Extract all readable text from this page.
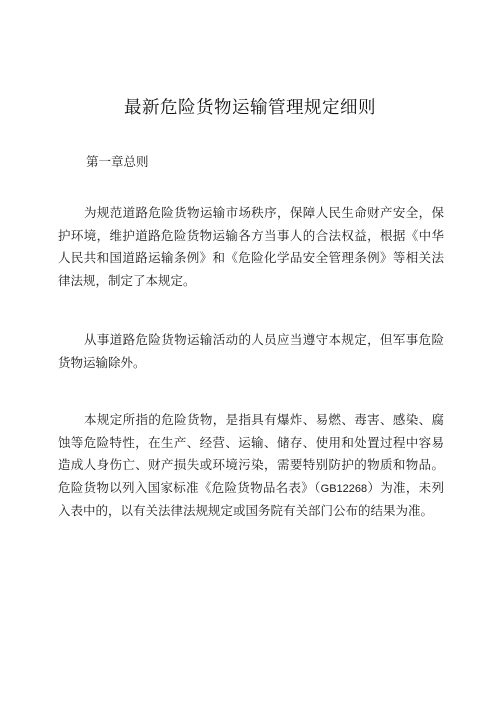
最新危险货物运输管理规定细则

第一章总则

为规范道路危险货物运输市场秩序，保障人民生命财产安全，保护环境，维护道路危险货物运输各方当事人的合法权益，根据《中华人民共和国道路运输条例》和《危险化学品安全管理条例》等相关法律法规，制定了本规定。

从事道路危险货物运输活动的人员应当遵守本规定，但军事危险货物运输除外。

本规定所指的危险货物，是指具有爆炸、易燃、毒害、感染、腐蚀等危险特性，在生产、经营、运输、储存、使用和处置过程中容易造成人身伤亡、财产损失或环境污染，需要特别防护的物质和物品。危险货物以列入国家标准《危险货物品名表》（GB12268）为准，未列入表中的，以有关法律法规规定或国务院有关部门公布的结果为准。
